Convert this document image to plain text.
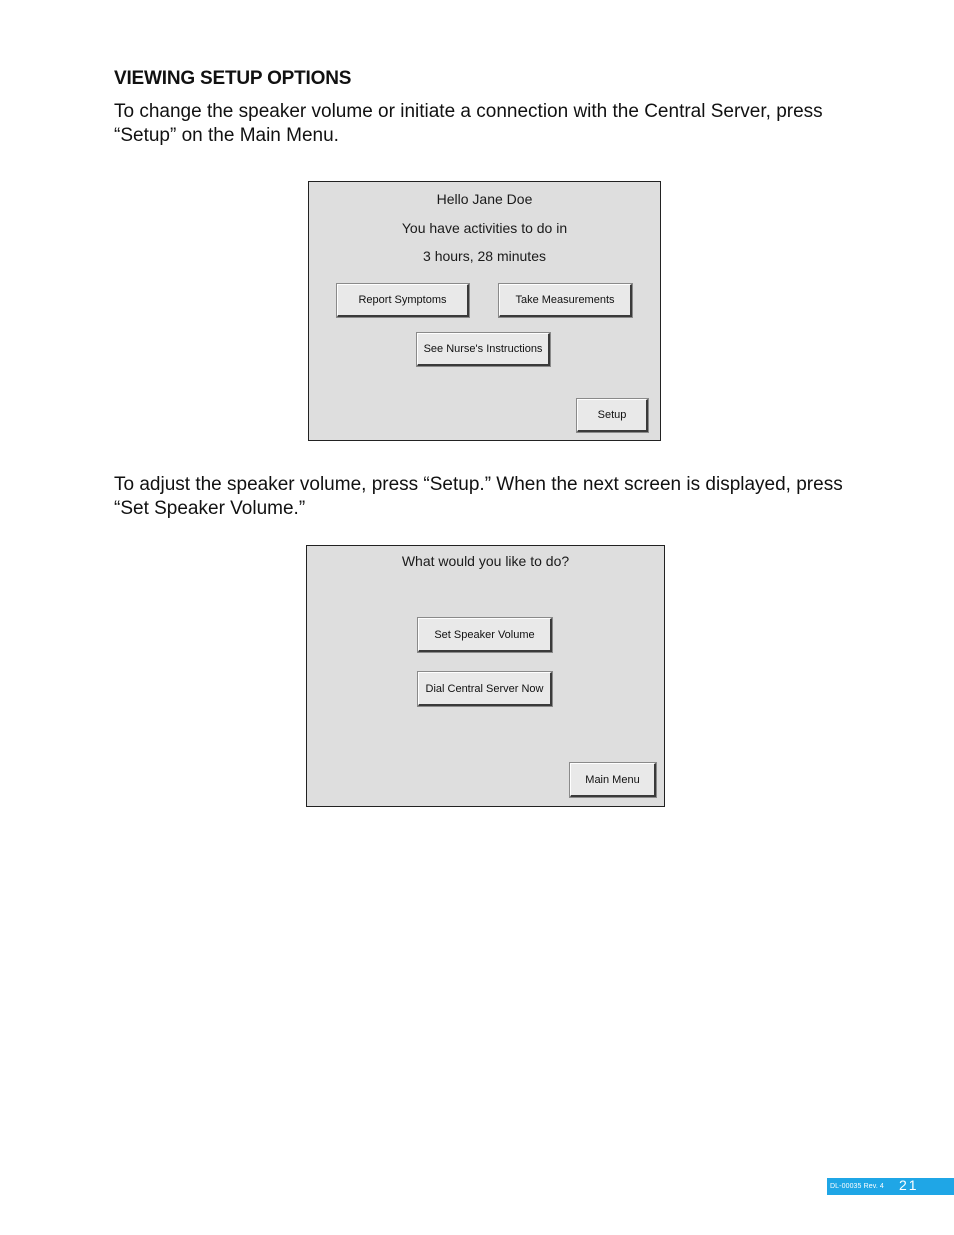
VIEWING SETUP OPTIONS

To change the speaker volume or initiate a connection with the Central Server, press “Setup” on the Main Menu.

Hello Jane Doe
You have activities to do in
3 hours, 28 minutes
Report Symptoms	Take Measurements
See Nurse's Instructions
Setup

To adjust the speaker volume, press “Setup.” When the next screen is displayed, press “Set Speaker Volume.”

What would you like to do?
Set Speaker Volume
Dial Central Server Now
Main Menu
DL-00035 Rev. 4 21
